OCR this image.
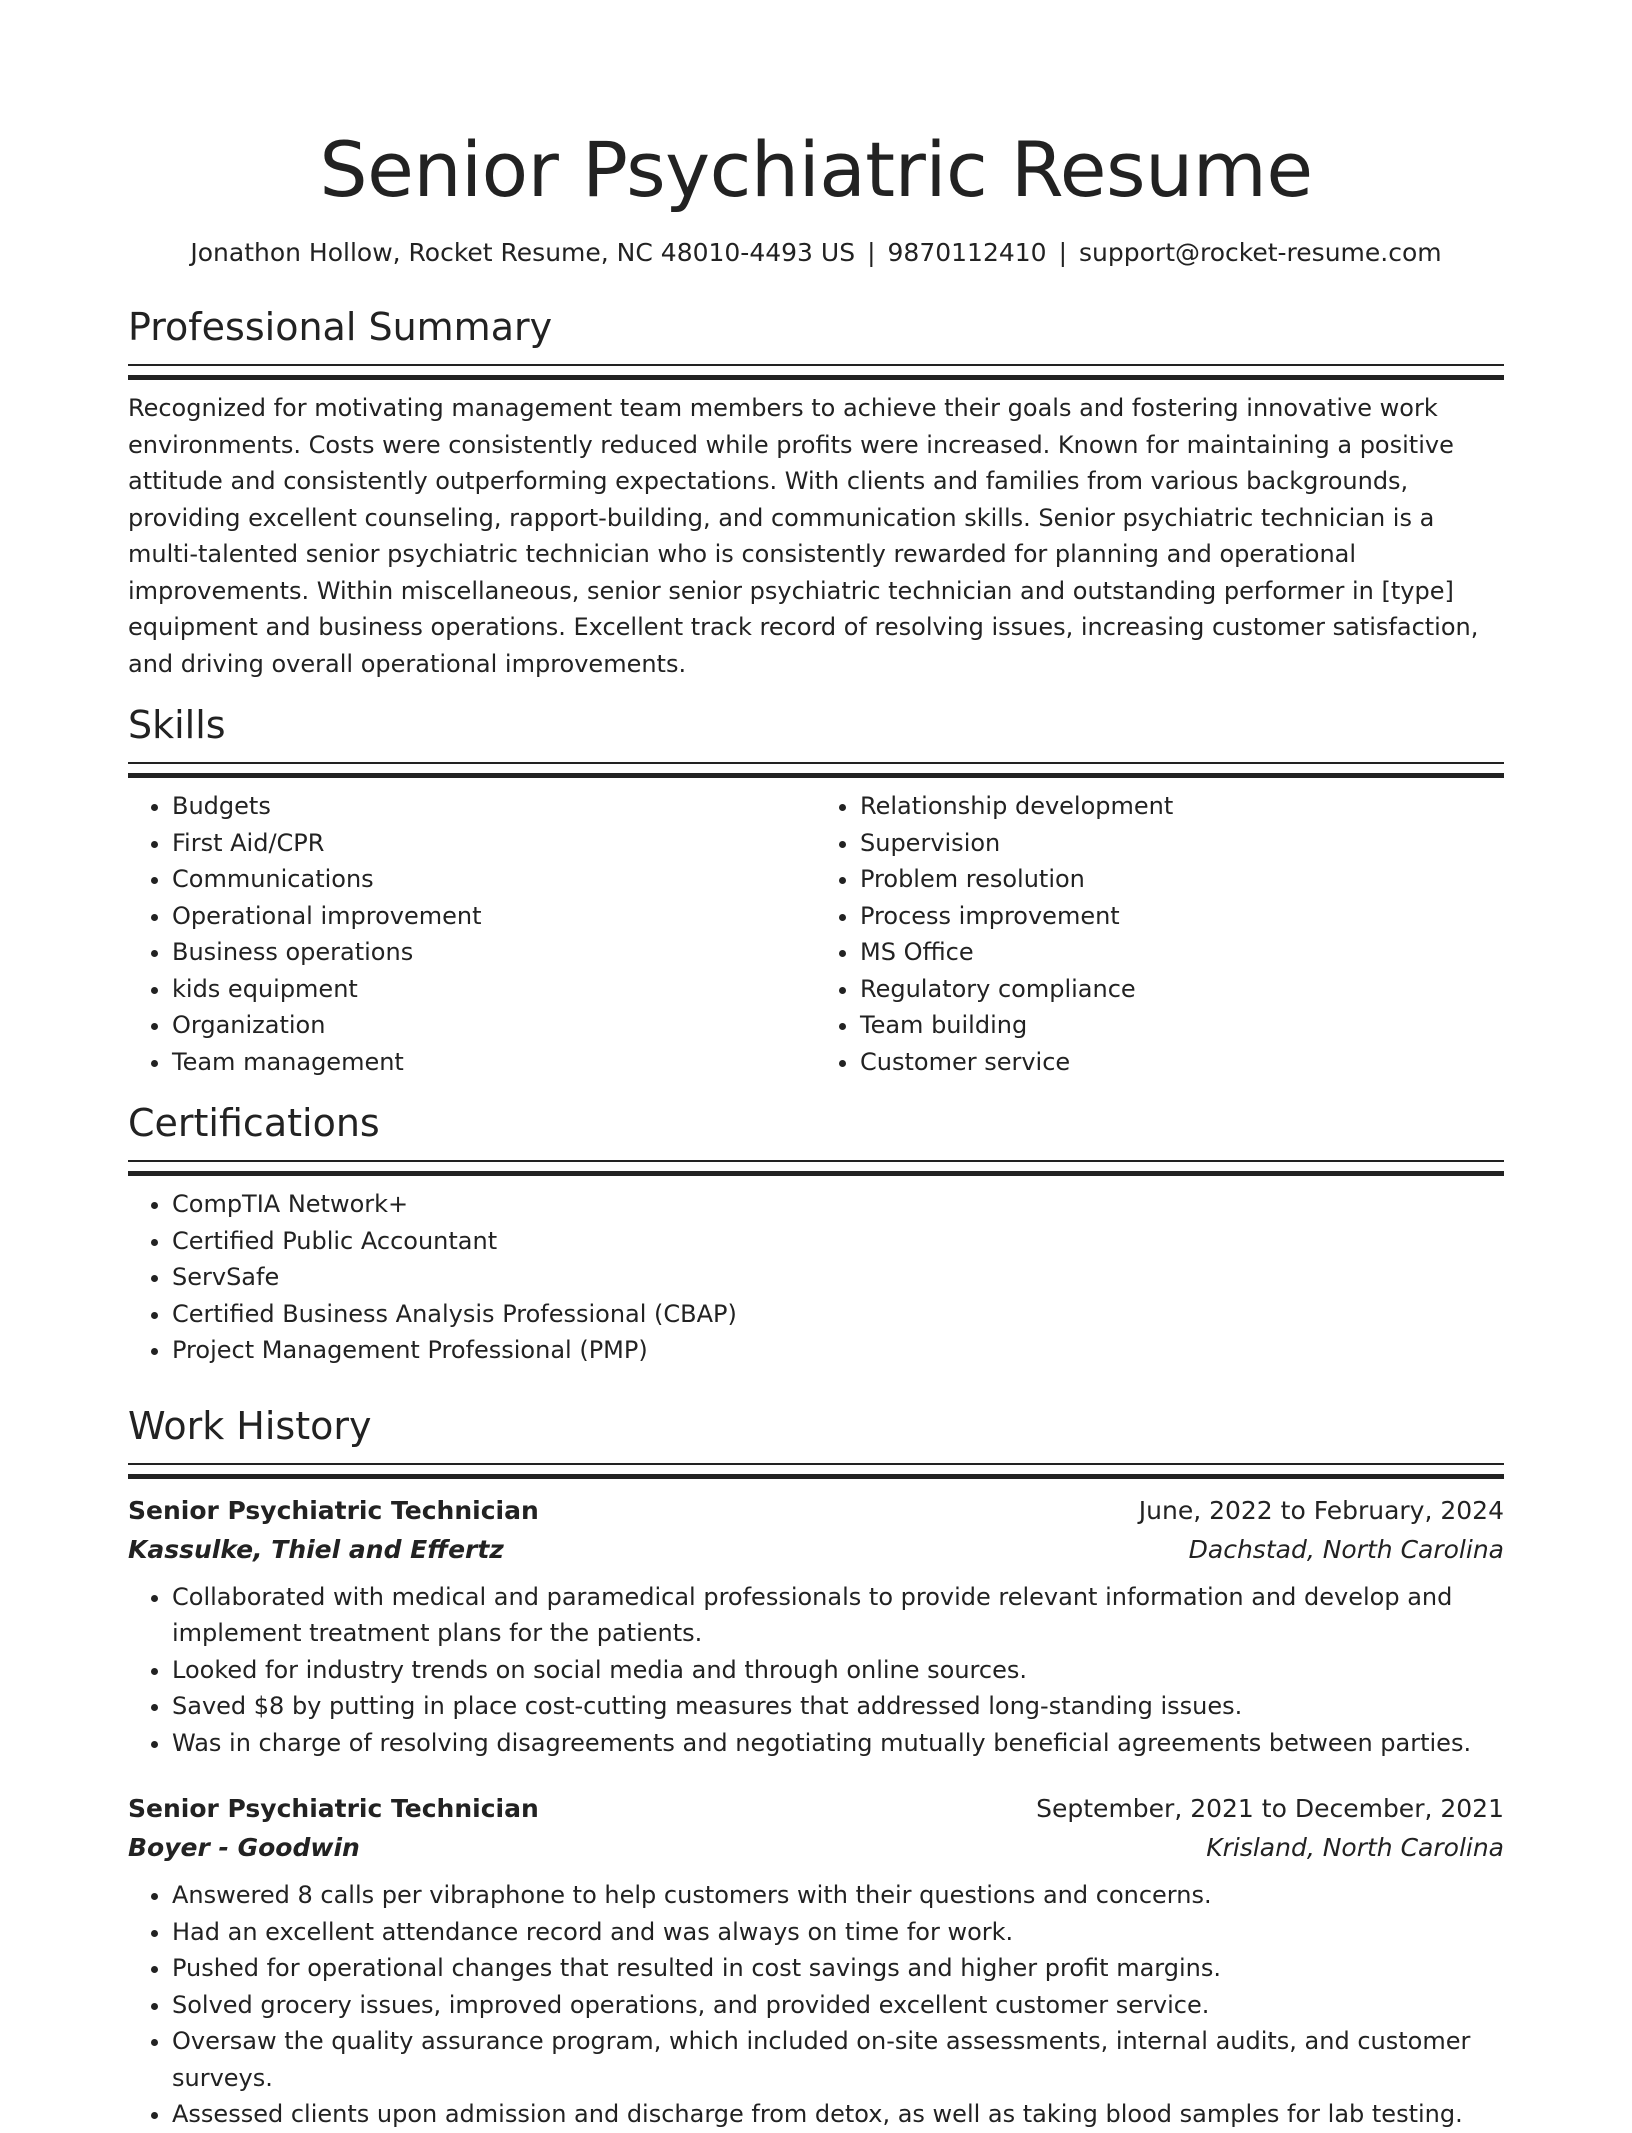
Senior Psychiatric Resume
Jonathon Hollow, Rocket Resume, NC 48010-4493 US | 9870112410 | support@rocket-resume.com
Professional Summary

Recognized for motivating management team members to achieve their goals and fostering innovative work environments. Costs were consistently reduced while profits were increased. Known for maintaining a positive attitude and consistently outperforming expectations. With clients and families from various backgrounds, providing excellent counseling, rapport-building, and communication skills. Senior psychiatric technician is a multi-talented senior psychiatric technician who is consistently rewarded for planning and operational improvements. Within miscellaneous, senior senior psychiatric technician and outstanding performer in [type] equipment and business operations. Excellent track record of resolving issues, increasing customer satisfaction, and driving overall operational improvements.

Skills
• Budgets
• First Aid/CPR
• Communications
• Operational improvement
• Business operations
• kids equipment
• Organization
• Team management
• Relationship development
• Supervision
• Problem resolution
• Process improvement
• MS Office
• Regulatory compliance
• Team building
• Customer service
Certifications
• CompTIA Network+
• Certified Public Accountant
• ServSafe
• Certified Business Analysis Professional (CBAP)
• Project Management Professional (PMP)
Work History
Senior Psychiatric Technician	June, 2022 to February, 2024
Kassulke, Thiel and Effertz	Dachstad, North Carolina
• Collaborated with medical and paramedical professionals to provide relevant information and develop and implement treatment plans for the patients.
• Looked for industry trends on social media and through online sources.
• Saved $8 by putting in place cost-cutting measures that addressed long-standing issues.
• Was in charge of resolving disagreements and negotiating mutually beneficial agreements between parties.
Senior Psychiatric Technician	September, 2021 to December, 2021
Boyer - Goodwin	Krisland, North Carolina
• Answered 8 calls per vibraphone to help customers with their questions and concerns.
• Had an excellent attendance record and was always on time for work.
• Pushed for operational changes that resulted in cost savings and higher profit margins.
• Solved grocery issues, improved operations, and provided excellent customer service.
• Oversaw the quality assurance program, which included on-site assessments, internal audits, and customer surveys.
• Assessed clients upon admission and discharge from detox, as well as taking blood samples for lab testing.
